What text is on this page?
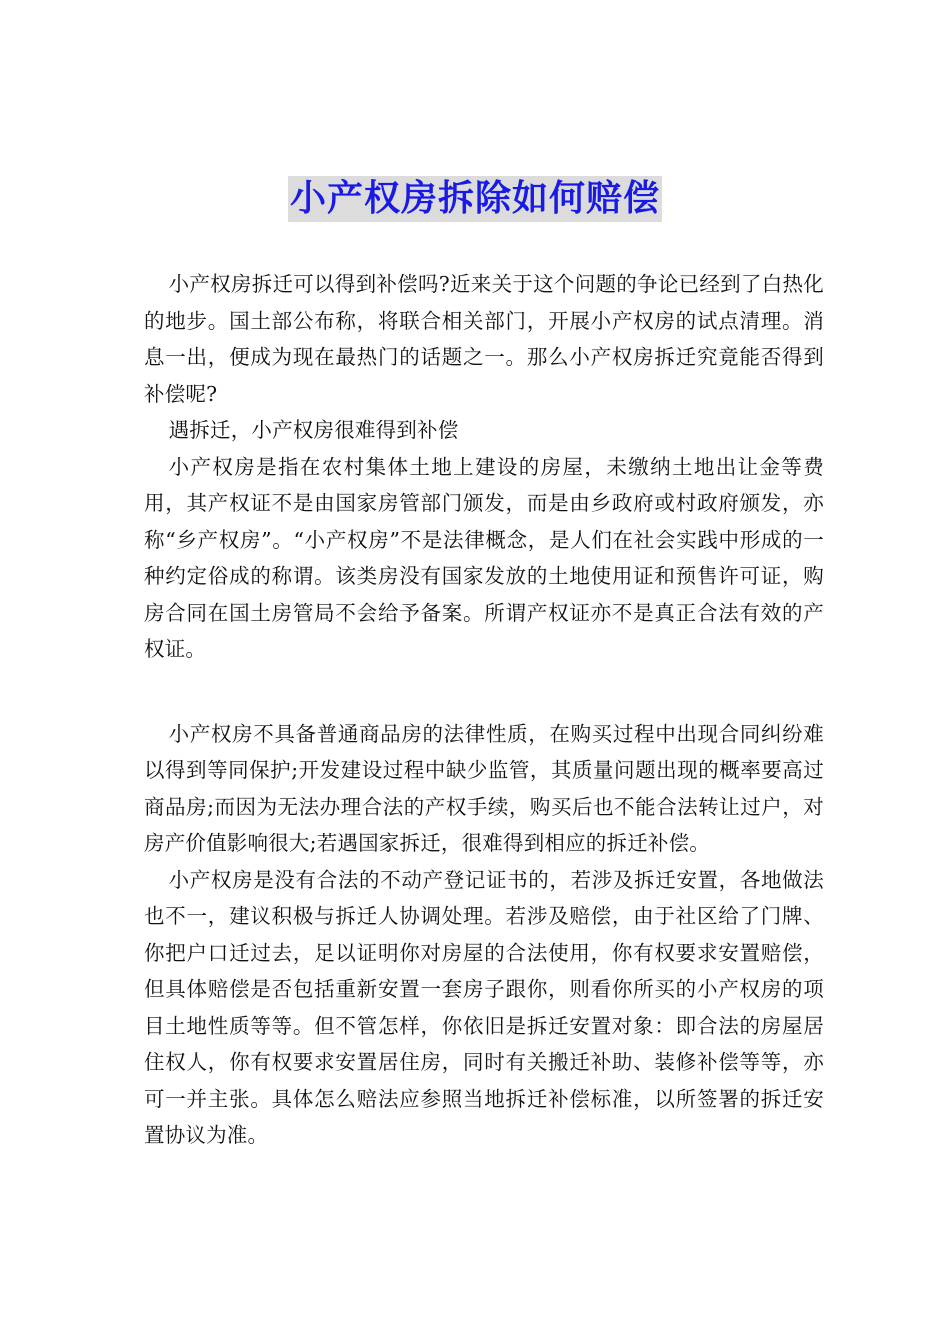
小产权房拆除如何赔偿

小产权房拆迁可以得到补偿吗?近来关于这个问题的争论已经到了白热化的地步。国土部公布称，将联合相关部门，开展小产权房的试点清理。消息一出，便成为现在最热门的话题之一。那么小产权房拆迁究竟能否得到补偿呢?

遇拆迁，小产权房很难得到补偿

小产权房是指在农村集体土地上建设的房屋，未缴纳土地出让金等费用，其产权证不是由国家房管部门颁发，而是由乡政府或村政府颁发，亦称“乡产权房”。“小产权房”不是法律概念，是人们在社会实践中形成的一种约定俗成的称谓。该类房没有国家发放的土地使用证和预售许可证，购房合同在国土房管局不会给予备案。所谓产权证亦不是真正合法有效的产权证。

小产权房不具备普通商品房的法律性质，在购买过程中出现合同纠纷难以得到等同保护;开发建设过程中缺少监管，其质量问题出现的概率要高过商品房;而因为无法办理合法的产权手续，购买后也不能合法转让过户，对房产价值影响很大;若遇国家拆迁，很难得到相应的拆迁补偿。

小产权房是没有合法的不动产登记证书的，若涉及拆迁安置，各地做法也不一，建议积极与拆迁人协调处理。若涉及赔偿，由于社区给了门牌、你把户口迁过去，足以证明你对房屋的合法使用，你有权要求安置赔偿，但具体赔偿是否包括重新安置一套房子跟你，则看你所买的小产权房的项目土地性质等等。但不管怎样，你依旧是拆迁安置对象：即合法的房屋居住权人，你有权要求安置居住房，同时有关搬迁补助、装修补偿等等，亦可一并主张。具体怎么赔法应参照当地拆迁补偿标准，以所签署的拆迁安置协议为准。
